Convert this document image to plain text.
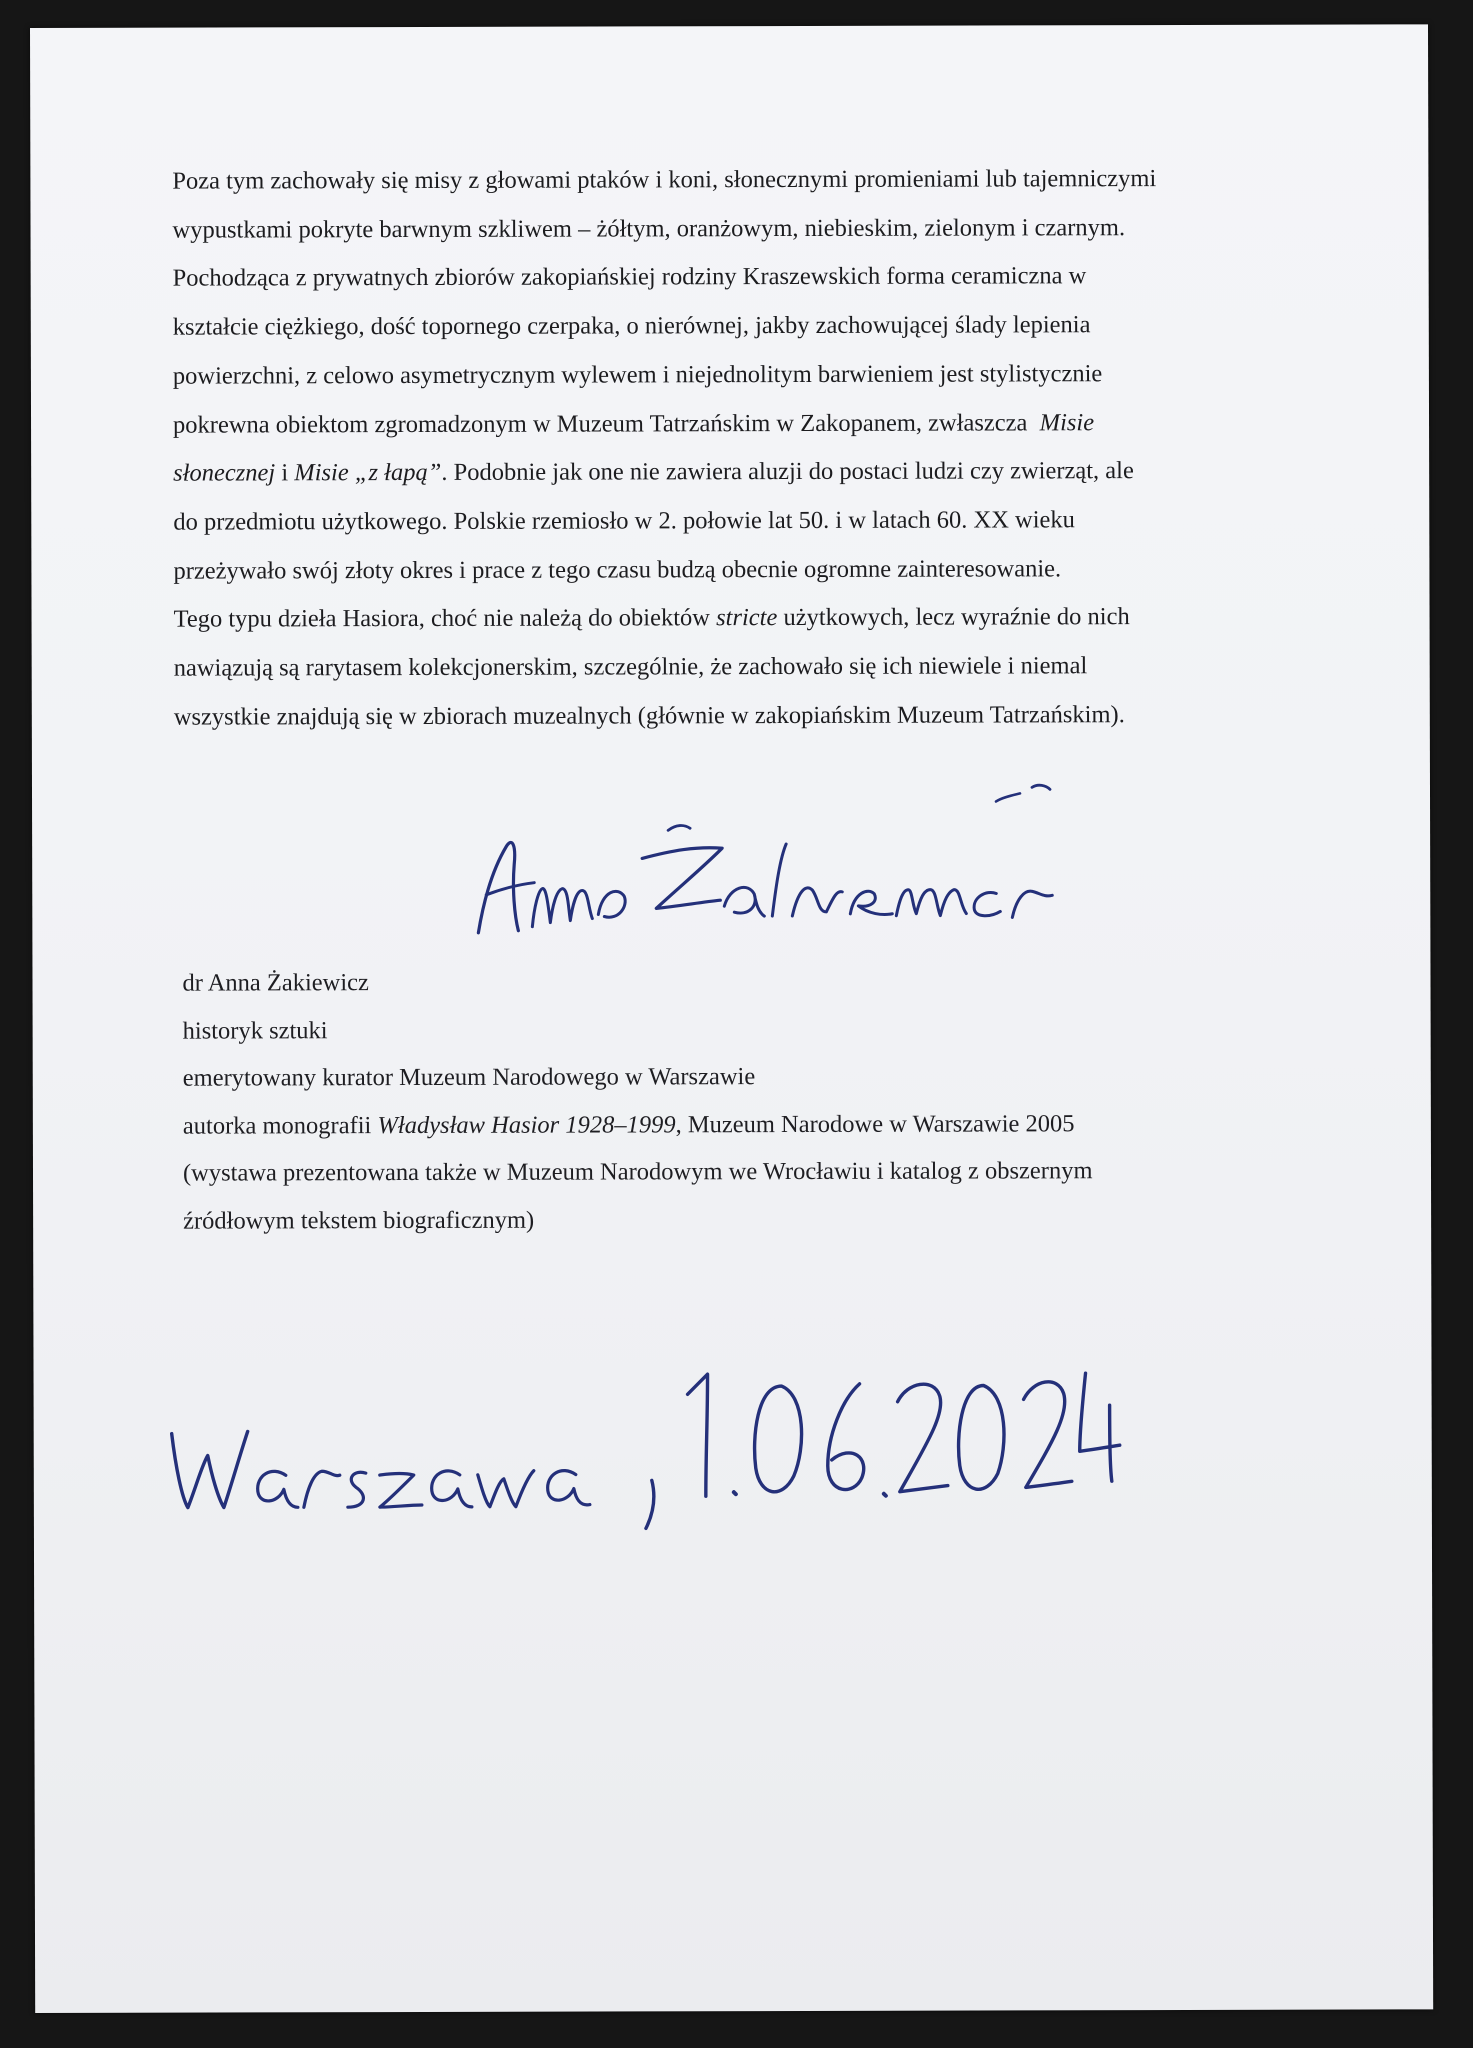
Poza tym zachowały się misy z głowami ptaków i koni, słonecznymi promieniami lub tajemniczymi
wypustkami pokryte barwnym szkliwem – żółtym, oranżowym, niebieskim, zielonym i czarnym.
Pochodząca z prywatnych zbiorów zakopiańskiej rodziny Kraszewskich forma ceramiczna w
kształcie ciężkiego, dość topornego czerpaka, o nierównej, jakby zachowującej ślady lepienia
powierzchni, z celowo asymetrycznym wylewem i niejednolitym barwieniem jest stylistycznie
pokrewna obiektom zgromadzonym w Muzeum Tatrzańskim w Zakopanem, zwłaszcza Misie
słonecznej i Misie „z łapą”. Podobnie jak one nie zawiera aluzji do postaci ludzi czy zwierząt, ale
do przedmiotu użytkowego. Polskie rzemiosło w 2. połowie lat 50. i w latach 60. XX wieku
przeżywało swój złoty okres i prace z tego czasu budzą obecnie ogromne zainteresowanie.
Tego typu dzieła Hasiora, choć nie należą do obiektów stricte użytkowych, lecz wyraźnie do nich
nawiązują są rarytasem kolekcjonerskim, szczególnie, że zachowało się ich niewiele i niemal
wszystkie znajdują się w zbiorach muzealnych (głównie w zakopiańskim Muzeum Tatrzańskim).
dr Anna Żakiewicz
historyk sztuki
emerytowany kurator Muzeum Narodowego w Warszawie
autorka monografii Władysław Hasior 1928–1999, Muzeum Narodowe w Warszawie 2005
(wystawa prezentowana także w Muzeum Narodowym we Wrocławiu i katalog z obszernym
źródłowym tekstem biograficznym)
